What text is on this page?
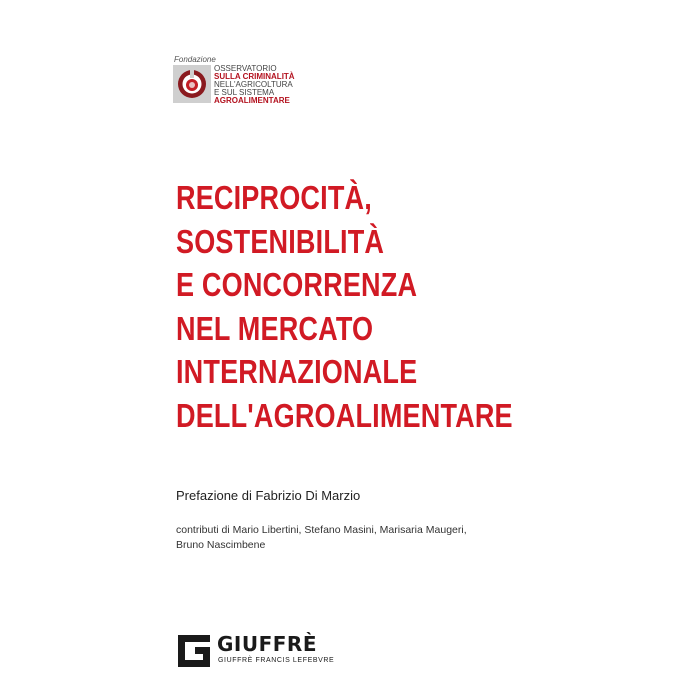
Fondazione
OSSERVATORIO
SULLA CRIMINALITÀ
NELL'AGRICOLTURA
E SUL SISTEMA
AGROALIMENTARE
RECIPROCITÀ,
SOSTENIBILITÀ
E CONCORRENZA
NEL MERCATO
INTERNAZIONALE
DELL'AGROALIMENTARE
Prefazione di Fabrizio Di Marzio
contributi di Mario Libertini, Stefano Masini, Marisaria Maugeri,
Bruno Nascimbene
GIUFFRÈ
GIUFFRÈ FRANCIS LEFEBVRE
